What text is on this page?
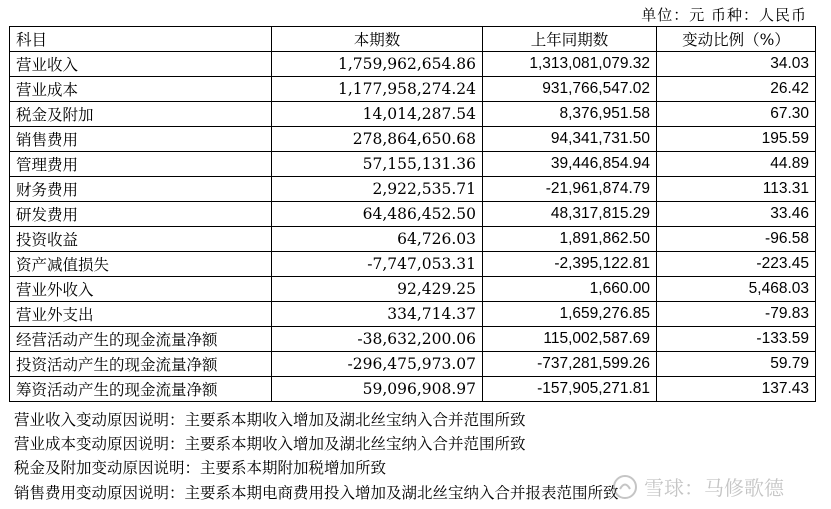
单位：元 币种：人民币
科目	本期数	上年同期数	变动比例（%）
营业收入	1,759,962,654.86	1,313,081,079.32	34.03
营业成本	1,177,958,274.24	931,766,547.02	26.42
税金及附加	14,014,287.54	8,376,951.58	67.30
销售费用	278,864,650.68	94,341,731.50	195.59
管理费用	57,155,131.36	39,446,854.94	44.89
财务费用	2,922,535.71	-21,961,874.79	113.31
研发费用	64,486,452.50	48,317,815.29	33.46
投资收益	64,726.03	1,891,862.50	-96.58
资产减值损失	-7,747,053.31	-2,395,122.81	-223.45
营业外收入	92,429.25	1,660.00	5,468.03
营业外支出	334,714.37	1,659,276.85	-79.83
经营活动产生的现金流量净额	-38,632,200.06	115,002,587.69	-133.59
投资活动产生的现金流量净额	-296,475,973.07	-737,281,599.26	59.79
筹资活动产生的现金流量净额	59,096,908.97	-157,905,271.81	137.43
营业收入变动原因说明：主要系本期收入增加及湖北丝宝纳入合并范围所致
营业成本变动原因说明：主要系本期收入增加及湖北丝宝纳入合并范围所致
税金及附加变动原因说明：主要系本期附加税增加所致
销售费用变动原因说明：主要系本期电商费用投入增加及湖北丝宝纳入合并报表范围所致 雪球：马修歌德
